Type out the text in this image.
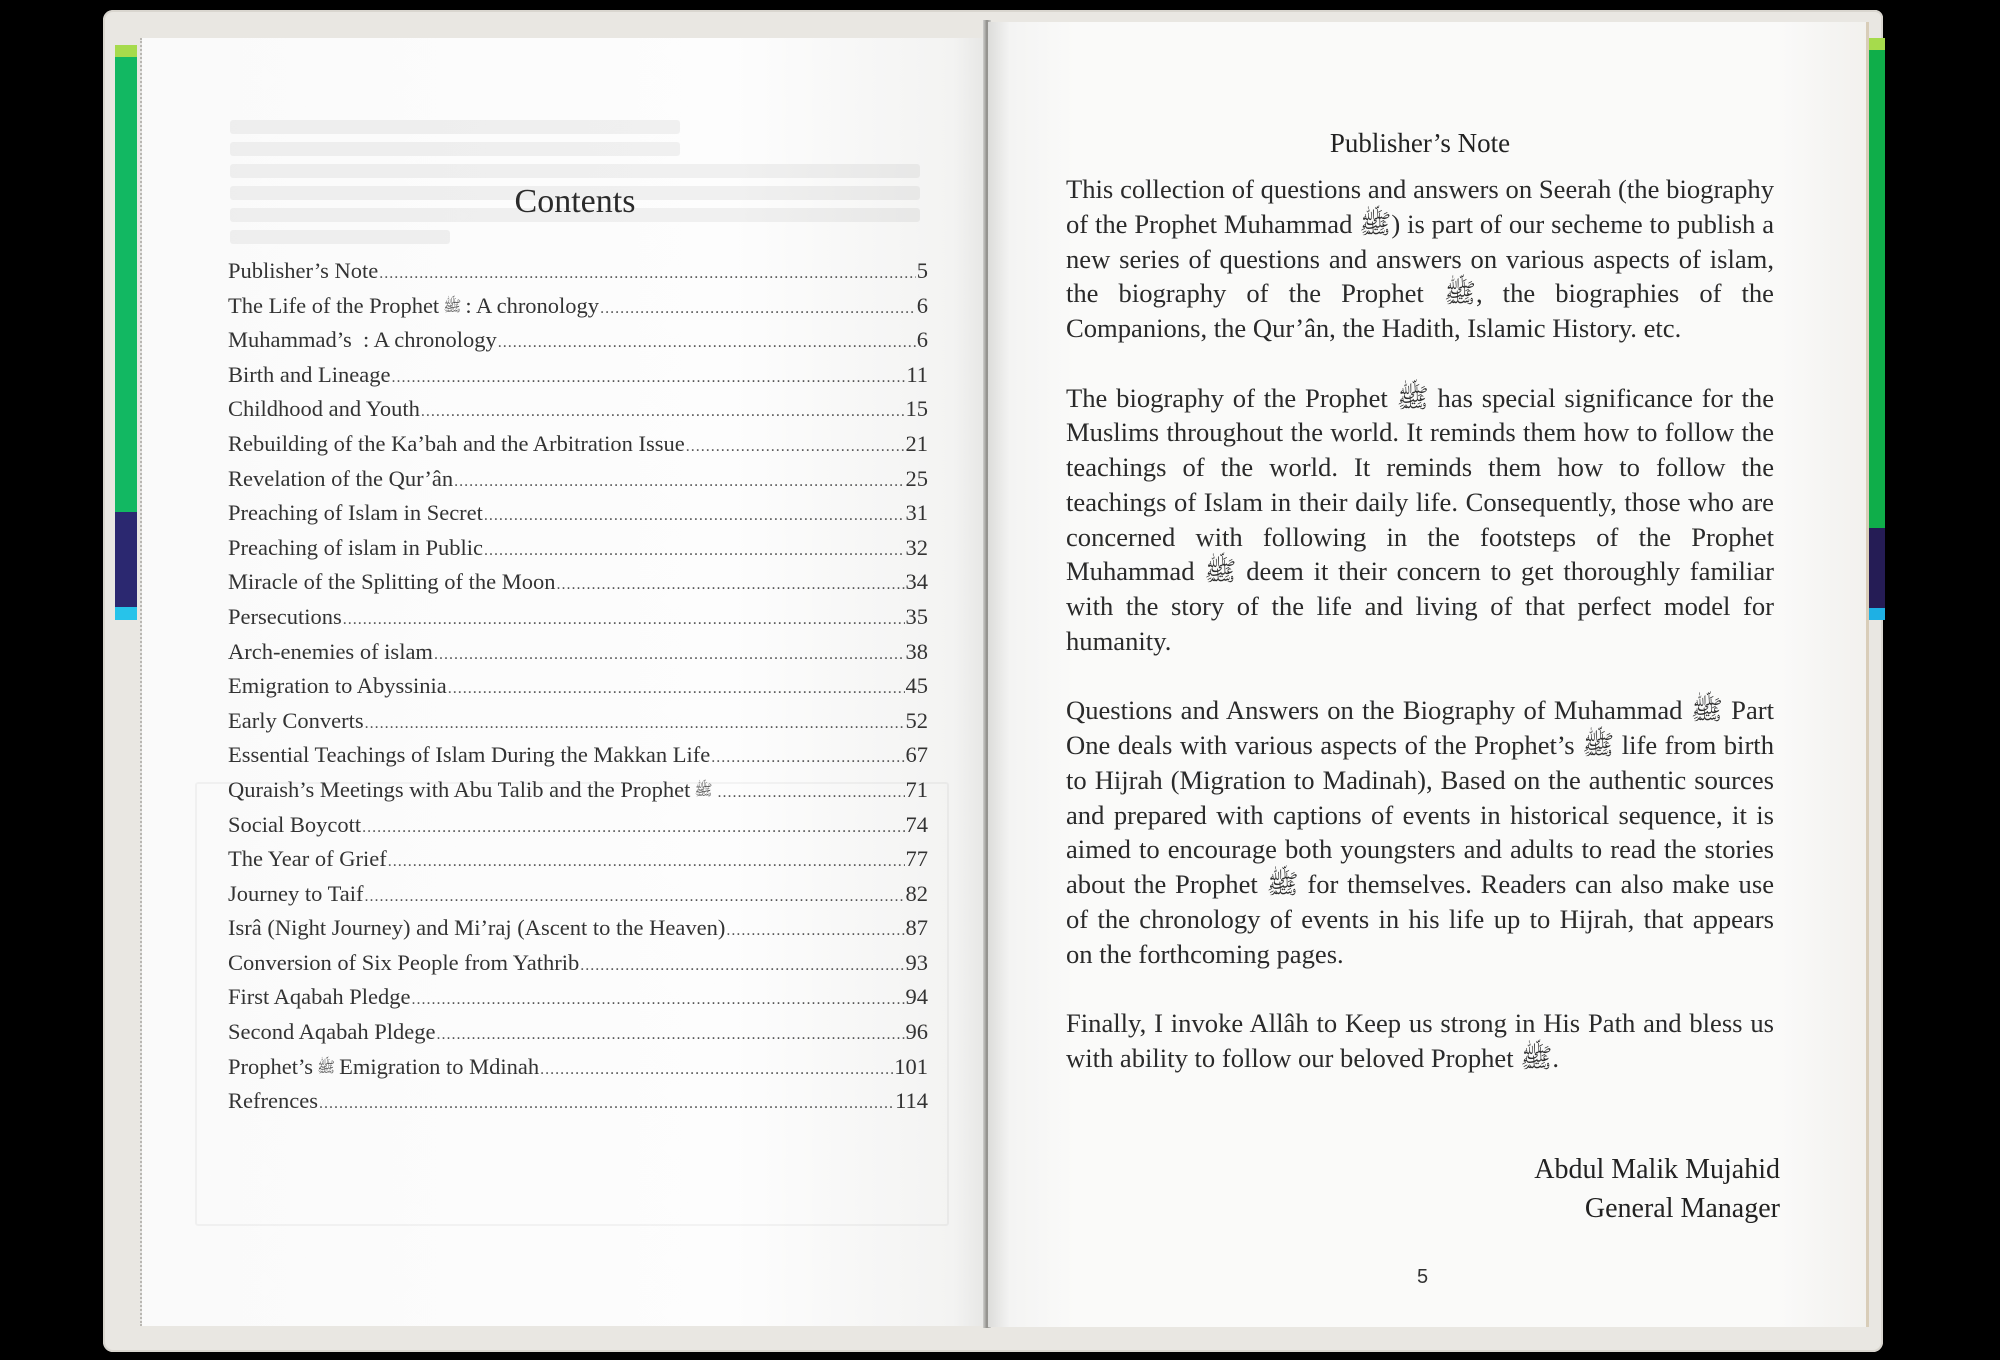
Contents
Publisher’s Note .....	5
The Life of the Prophet ﷺ : A chronology .....	6
Muhammad’s  : A chronology .....	6
Birth and Lineage .....	11
Childhood and Youth .....	15
Rebuilding of the Ka’bah and the Arbitration Issue .....	21
Revelation of the Qur’ân .....	25
Preaching of Islam in Secret .....	31
Preaching of islam in Public .....	32
Miracle of the Splitting of the Moon .....	34
Persecutions .....	35
Arch-enemies of islam .....	38
Emigration to Abyssinia .....	45
Early Converts .....	52
Essential Teachings of Islam During the Makkan Life .....	67
Quraish’s Meetings with Abu Talib and the Prophet ﷺ .....	71
Social Boycott .....	74
The Year of Grief .....	77
Journey to Taif .....	82
Isrâ (Night Journey) and Mi’raj (Ascent to the Heaven) .....	87
Conversion of Six People from Yathrib .....	93
First Aqabah Pledge .....	94
Second Aqabah Pldege .....	96
Prophet’s ﷺ Emigration to Mdinah .....	101
Refrences .....	114
Publisher’s Note

This collection of questions and answers on Seerah (the biography of the Prophet Muhammad ﷺ) is part of our secheme to publish a new series of questions and answers on various aspects of islam, the biography of the Prophet ﷺ, the biographies of the Companions, the Qur’ân, the Hadith, Islamic History. etc.

The biography of the Prophet ﷺ has special significance for the Muslims throughout the world. It reminds them how to follow the teachings of the world. It reminds them how to follow the teachings of Islam in their daily life. Consequently, those who are concerned with following in the footsteps of the Prophet Muhammad ﷺ deem it their concern to get thoroughly familiar with the story of the life and living of that perfect model for humanity.

Questions and Answers on the Biography of Muhammad ﷺ Part One deals with various aspects of the Prophet’s ﷺ life from birth to Hijrah (Migration to Madinah), Based on the authentic sources and prepared with captions of events in historical sequence, it is aimed to encourage both youngsters and adults to read the stories about the Prophet ﷺ for themselves. Readers can also make use of the chronology of events in his life up to Hijrah, that appears on the forthcoming pages.

Finally, I invoke Allâh to Keep us strong in His Path and bless us with ability to follow our beloved Prophet ﷺ.

Abdul Malik Mujahid
General Manager
5
